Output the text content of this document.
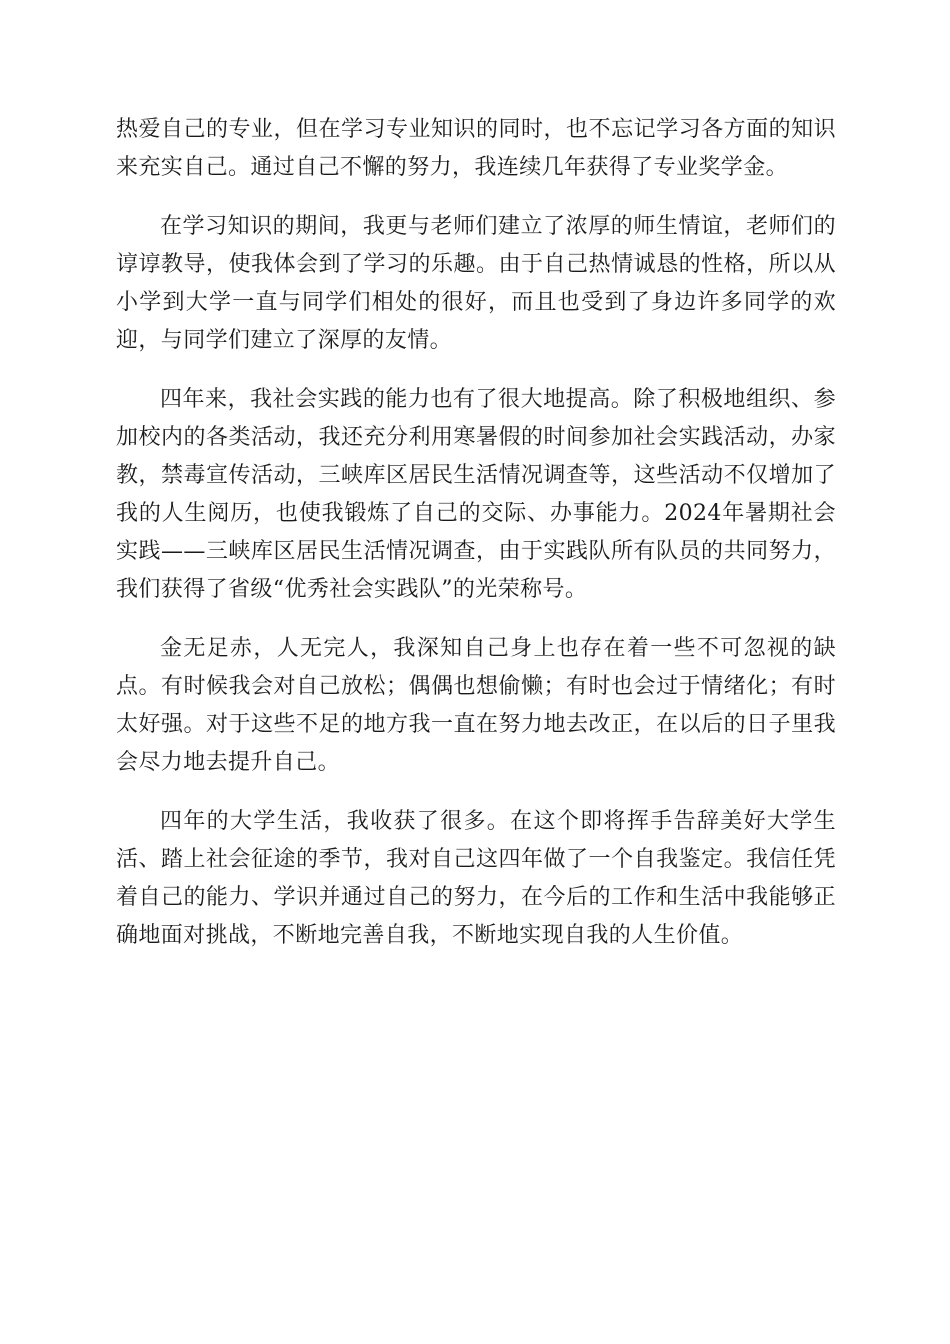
热爱自己的专业，但在学习专业知识的同时，也不忘记学习各方面的知识来充实自己。通过自己不懈的努力，我连续几年获得了专业奖学金。

在学习知识的期间，我更与老师们建立了浓厚的师生情谊，老师们的谆谆教导，使我体会到了学习的乐趣。由于自己热情诚恳的性格，所以从小学到大学一直与同学们相处的很好，而且也受到了身边许多同学的欢迎，与同学们建立了深厚的友情。

四年来，我社会实践的能力也有了很大地提高。除了积极地组织、参加校内的各类活动，我还充分利用寒暑假的时间参加社会实践活动，办家教，禁毒宣传活动，三峡库区居民生活情况调查等，这些活动不仅增加了我的人生阅历，也使我锻炼了自己的交际、办事能力。2024年暑期社会实践——三峡库区居民生活情况调查，由于实践队所有队员的共同努力，我们获得了省级“优秀社会实践队”的光荣称号。

金无足赤，人无完人，我深知自己身上也存在着一些不可忽视的缺点。有时候我会对自己放松；偶偶也想偷懒；有时也会过于情绪化；有时太好强。对于这些不足的地方我一直在努力地去改正，在以后的日子里我会尽力地去提升自己。

四年的大学生活，我收获了很多。在这个即将挥手告辞美好大学生活、踏上社会征途的季节，我对自己这四年做了一个自我鉴定。我信任凭着自己的能力、学识并通过自己的努力，在今后的工作和生活中我能够正确地面对挑战，不断地完善自我，不断地实现自我的人生价值。
